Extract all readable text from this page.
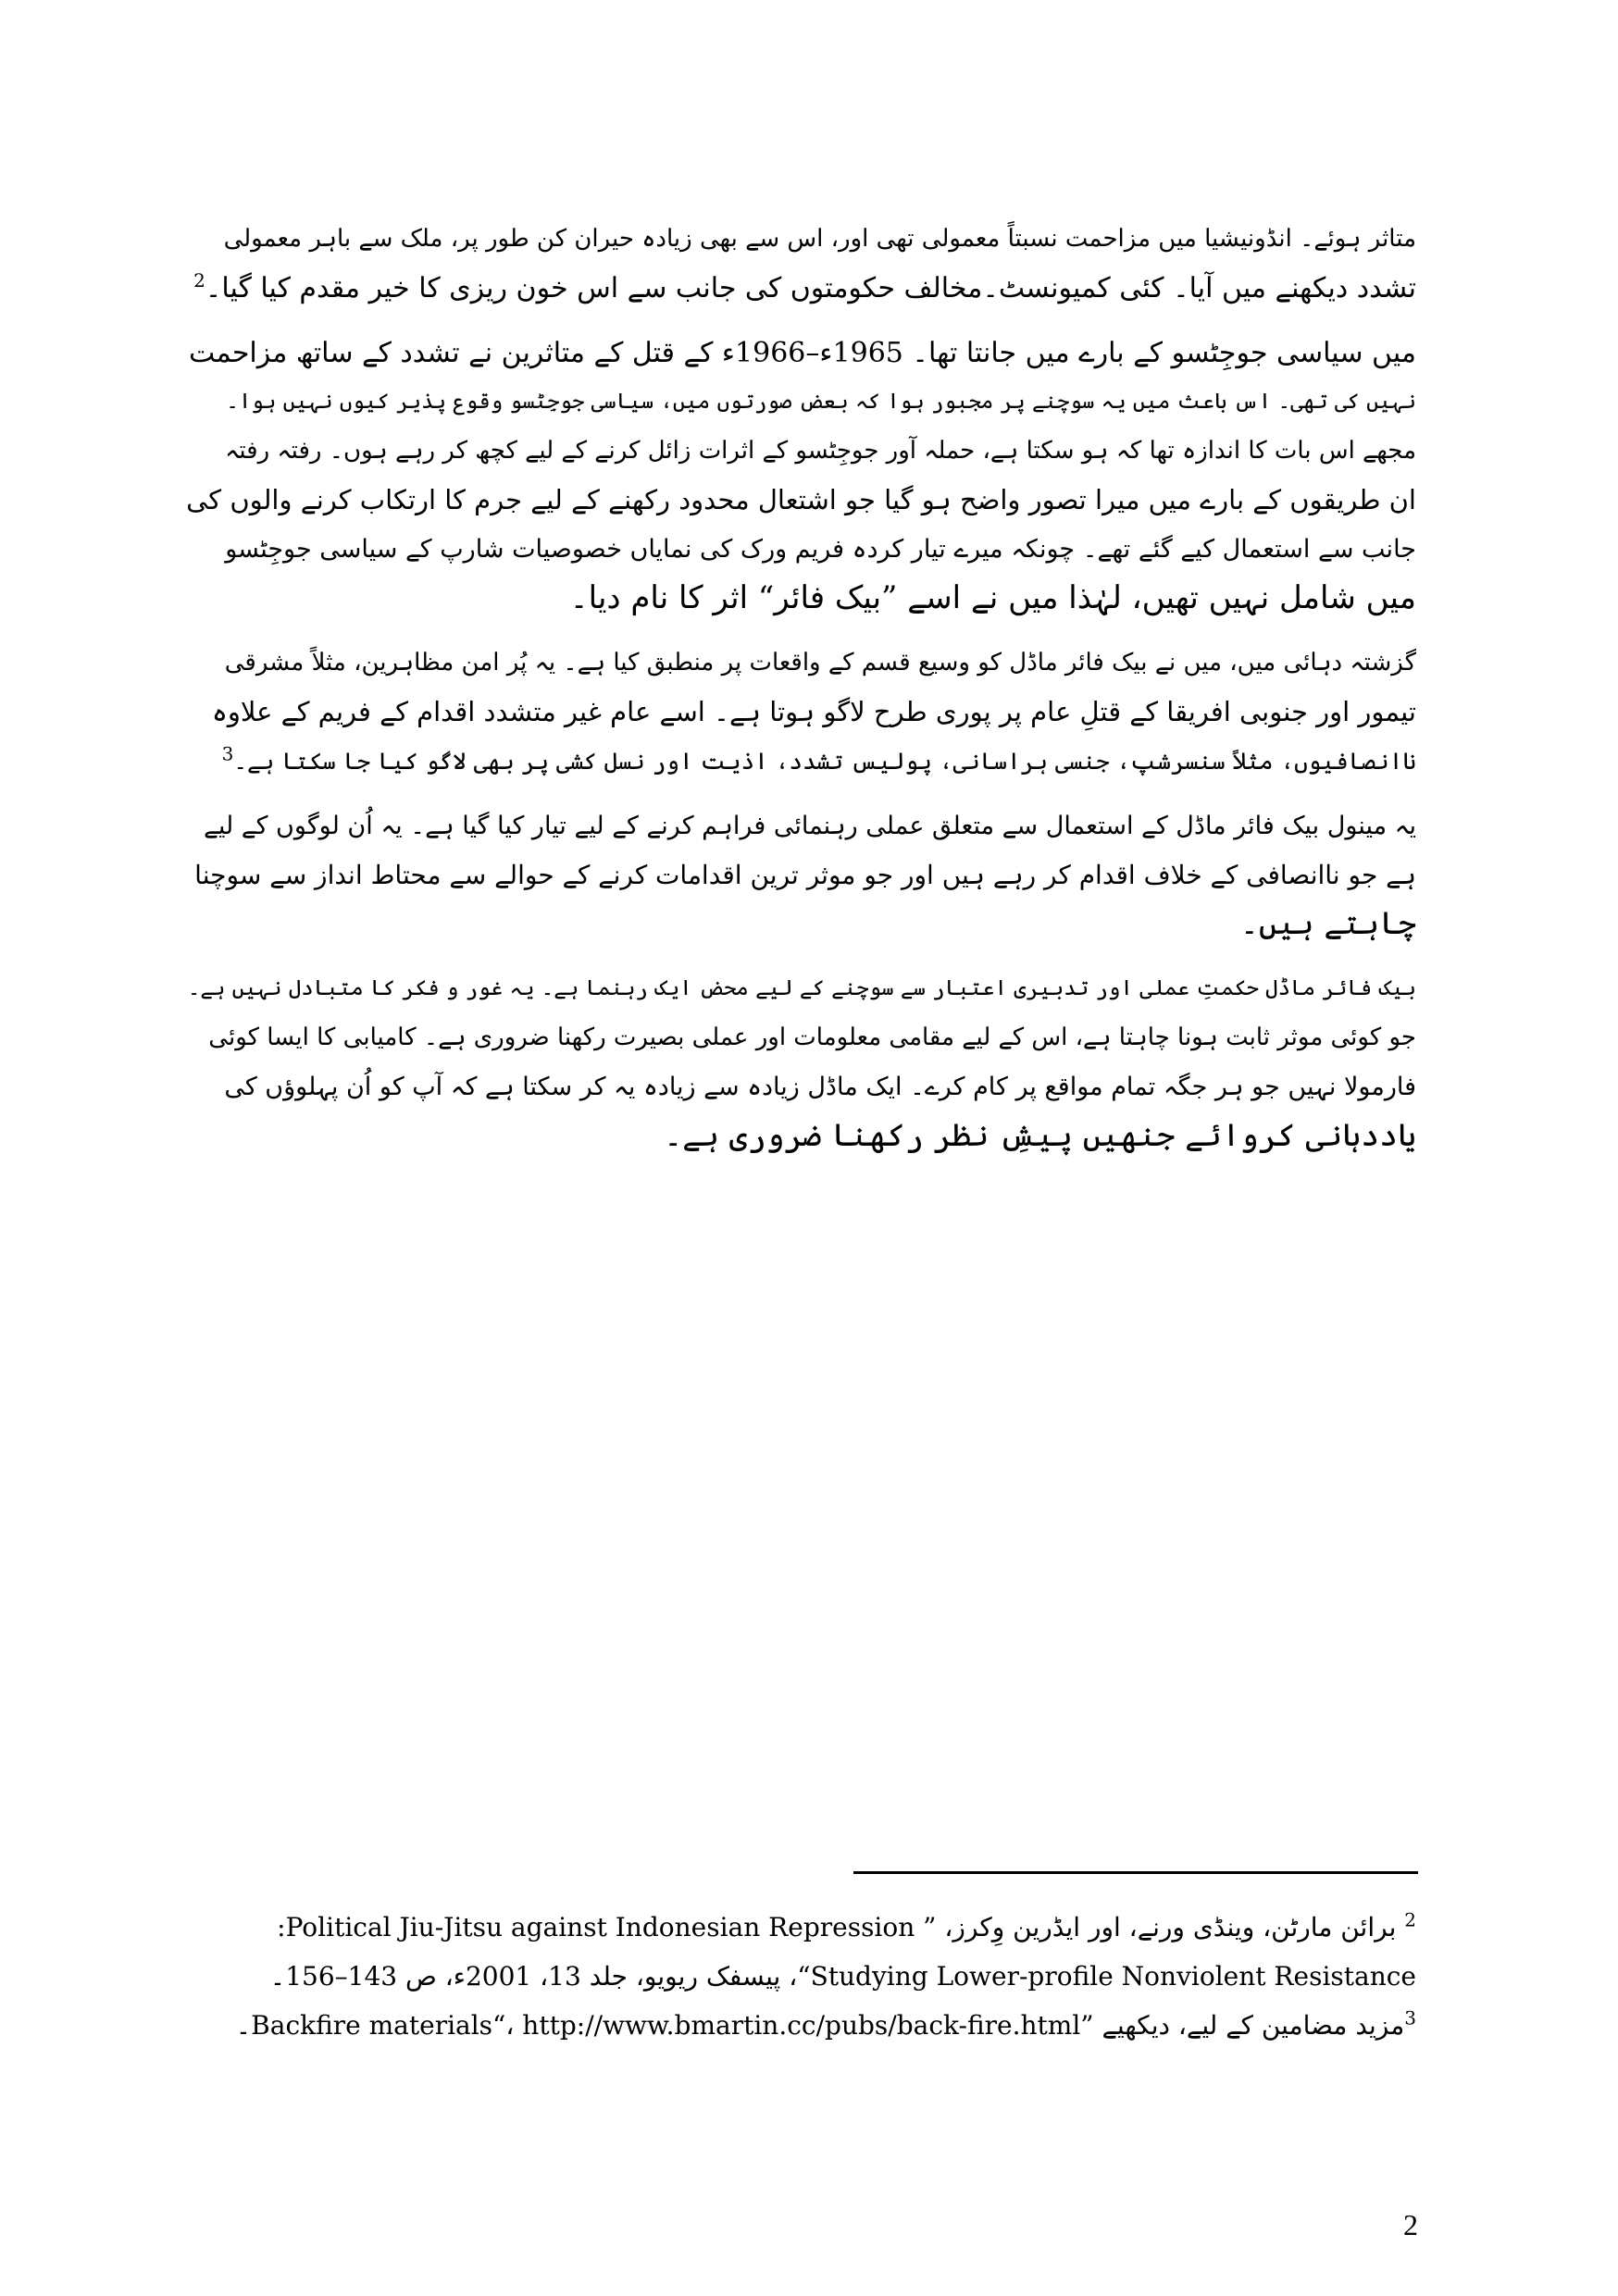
متاثر ہوئے۔ انڈونیشیا میں مزاحمت نسبتاً معمولی تھی اور، اس سے بھی زیادہ حیران کن طور پر، ملک سے باہر معمولی
تشدد دیکھنے میں آیا۔ کئی کمیونسٹ۔مخالف حکومتوں کی جانب سے اس خون ریزی کا خیر مقدم کیا گیا۔$^2$

میں سیاسی جوجِٹسو کے بارے میں جانتا تھا۔ 1965ء–1966ء کے قتل کے متاثرین نے تشدد کے ساتھ مزاحمت
نہیں کی تھی۔ اس باعث میں یہ سوچنے پر مجبور ہوا کہ بعض صورتوں میں، سیاسی جوجِٹسو وقوع پذیر کیوں نہیں ہوا۔
مجھے اس بات کا اندازہ تھا کہ ہو سکتا ہے، حملہ آور جوجِٹسو کے اثرات زائل کرنے کے لیے کچھ کر رہے ہوں۔ رفتہ رفتہ
ان طریقوں کے بارے میں میرا تصور واضح ہو گیا جو اشتعال محدود رکھنے کے لیے جرم کا ارتکاب کرنے والوں کی
جانب سے استعمال کیے گئے تھے۔ چونکہ میرے تیار کردہ فریم ورک کی نمایاں خصوصیات شارپ کے سیاسی جوجِٹسو
میں شامل نہیں تھیں، لہٰذا میں نے اسے ”بیک فائر“ اثر کا نام دیا۔

گزشتہ دہائی میں، میں نے بیک فائر ماڈل کو وسیع قسم کے واقعات پر منطبق کیا ہے۔ یہ پُر امن مظاہرین، مثلاً مشرقی
تیمور اور جنوبی افریقا کے قتلِ عام پر پوری طرح لاگو ہوتا ہے۔ اسے عام غیر متشدد اقدام کے فریم کے علاوہ
ناانصافیوں، مثلاً سنسرشپ، جنسی ہراسانی، پولیس تشدد، اذیت اور نسل کشی پر بھی لاگو کیا جا سکتا ہے۔$^3$

یہ مینول بیک فائر ماڈل کے استعمال سے متعلق عملی رہنمائی فراہم کرنے کے لیے تیار کیا گیا ہے۔ یہ اُن لوگوں کے لیے
ہے جو ناانصافی کے خلاف اقدام کر رہے ہیں اور جو موثر ترین اقدامات کرنے کے حوالے سے محتاط انداز سے سوچنا
چاہتے ہیں۔

بیک فائر ماڈل حکمتِ عملی اور تدبیری اعتبار سے سوچنے کے لیے محض ایک رہنما ہے۔ یہ غور و فکر کا متبادل نہیں ہے۔
جو کوئی موثر ثابت ہونا چاہتا ہے، اس کے لیے مقامی معلومات اور عملی بصیرت رکھنا ضروری ہے۔ کامیابی کا ایسا کوئی
فارمولا نہیں جو ہر جگہ تمام مواقع پر کام کرے۔ ایک ماڈل زیادہ سے زیادہ یہ کر سکتا ہے کہ آپ کو اُن پہلوؤں کی
یاددہانی کروائے جنھیں پیشِ نظر رکھنا ضروری ہے۔

$^2$ برائن مارٹن، وینڈی ورنے، اور ایڈرین وِکرز، ” Political Jiu-Jitsu against Indonesian Repression:
Studying Lower-profile Nonviolent Resistance“، پیسفک ریویو، جلد 13، 2001ء، ص 143–156۔
$^3$مزید مضامین کے لیے، دیکھیے ”Backfire materials“، http://www.bmartin.cc/pubs/back-fire.html۔
2
